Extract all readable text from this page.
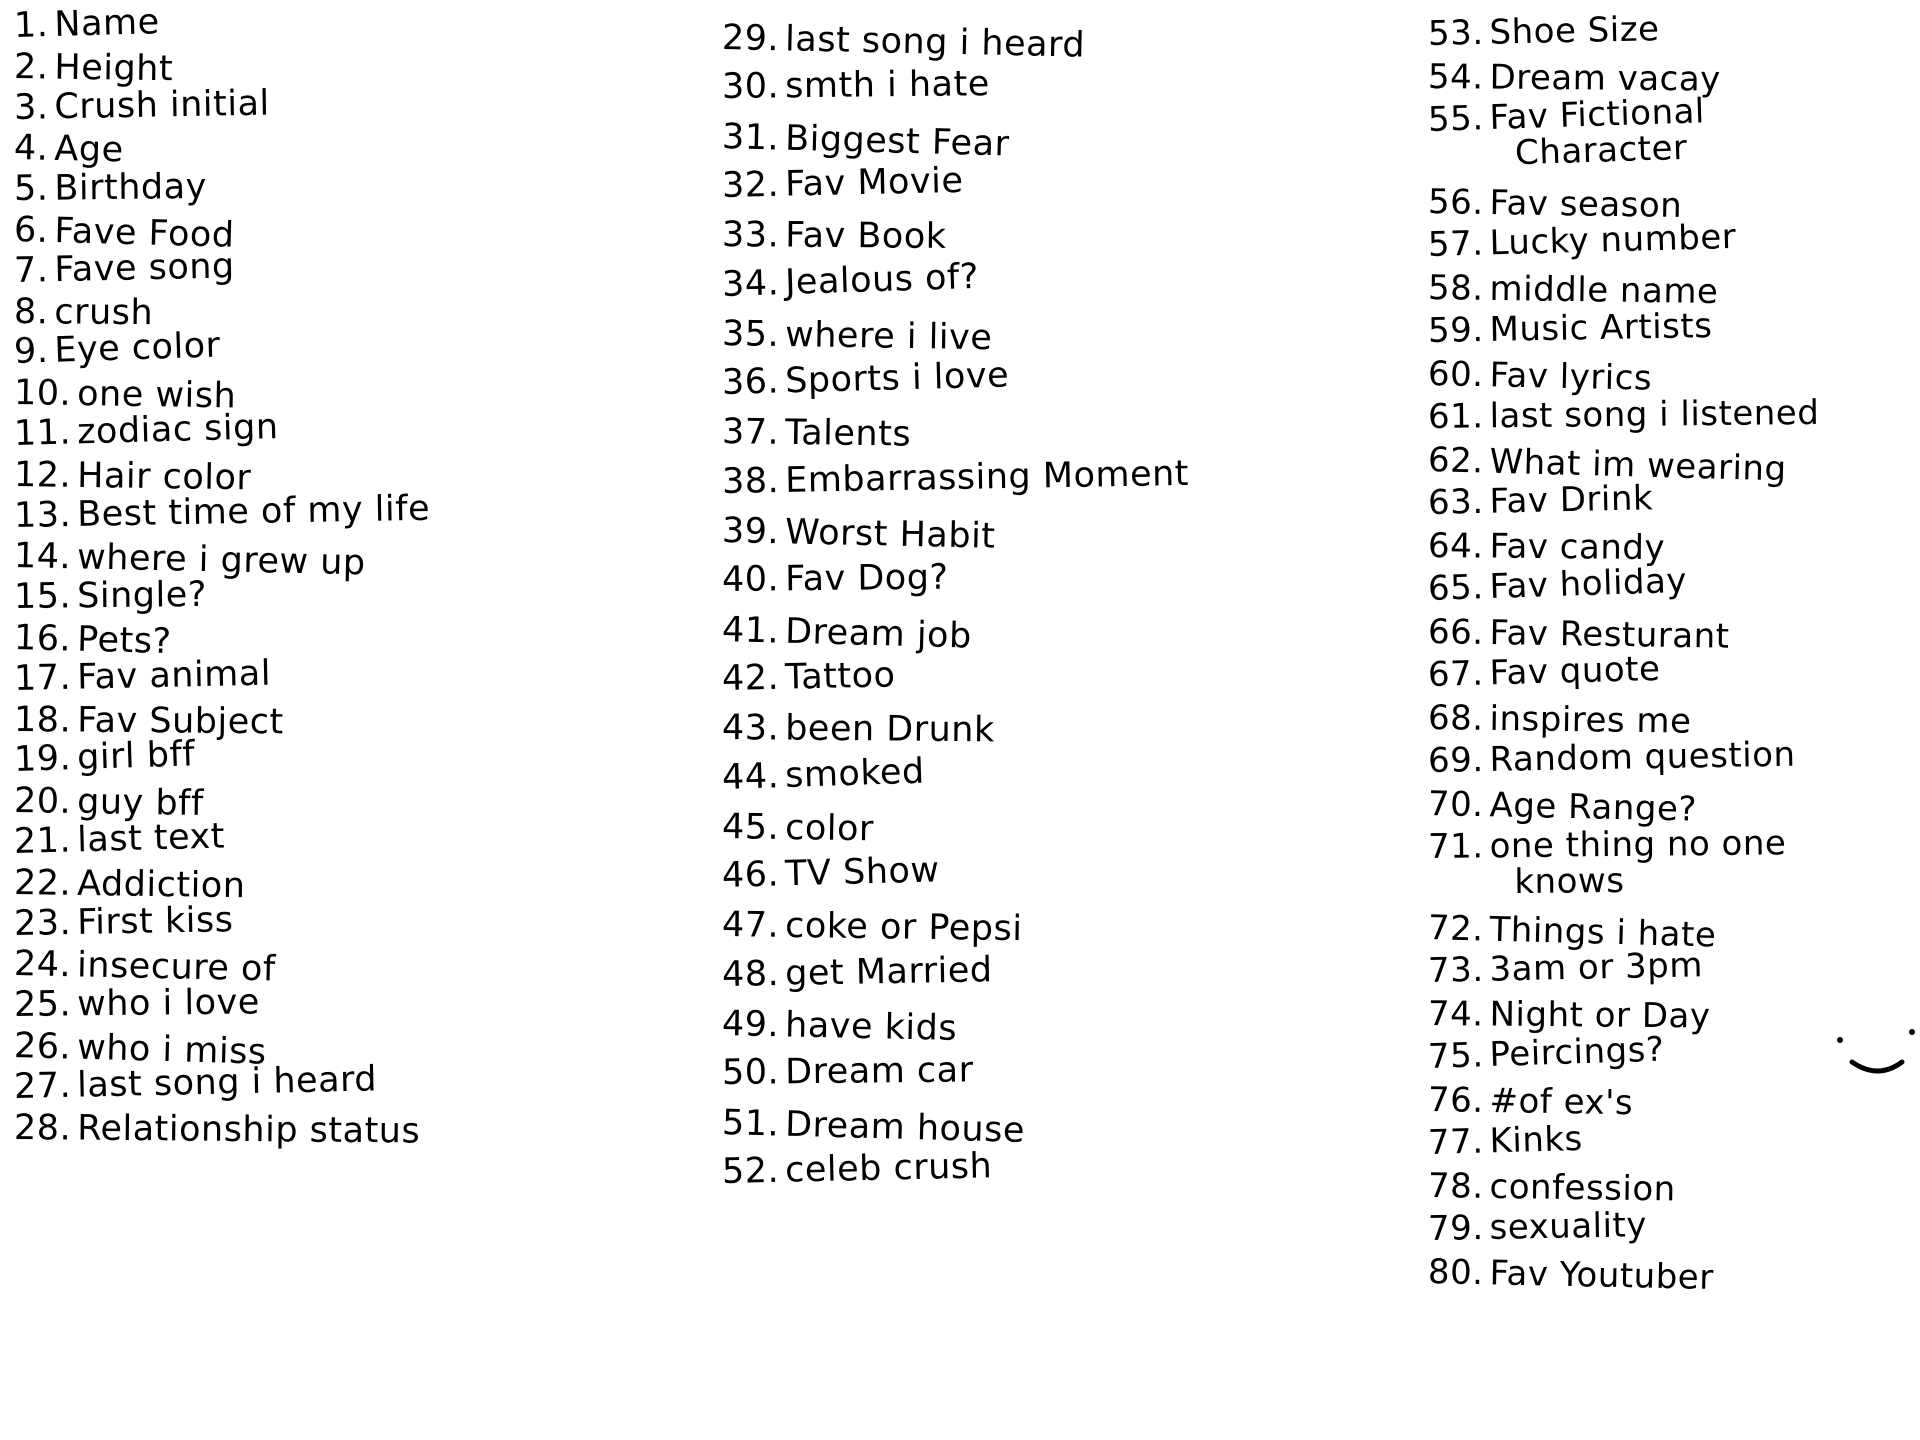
1. Name
2. Height
3. Crush initial
4. Age
5. Birthday
6. Fave Food
7. Fave song
8. crush
9. Eye color
10. one wish
11. zodiac sign
12. Hair color
13. Best time of my life
14. where i grew up
15. Single?
16. Pets?
17. Fav animal
18. Fav Subject
19. girl bff
20. guy bff
21. last text
22. Addiction
23. First kiss
24. insecure of
25. who i love
26. who i miss
27. last song i heard
28. Relationship status
29. last song i heard
30. smth i hate
31. Biggest Fear
32. Fav Movie
33. Fav Book
34. Jealous of?
35. where i live
36. Sports i love
37. Talents
38. Embarrassing Moment
39. Worst Habit
40. Fav Dog?
41. Dream job
42. Tattoo
43. been Drunk
44. smoked
45. color
46. TV Show
47. coke or Pepsi
48. get Married
49. have kids
50. Dream car
51. Dream house
52. celeb crush
53. Shoe Size
54. Dream vacay
55. Fav Fictional
Character
56. Fav season
57. Lucky number
58. middle name
59. Music Artists
60. Fav lyrics
61. last song i listened
62. What im wearing
63. Fav Drink
64. Fav candy
65. Fav holiday
66. Fav Resturant
67. Fav quote
68. inspires me
69. Random question
70. Age Range?
71. one thing no one
knows
72. Things i hate
73. 3am or 3pm
74. Night or Day
75. Peircings?
76. #of ex's
77. Kinks
78. confession
79. sexuality
80. Fav Youtuber
